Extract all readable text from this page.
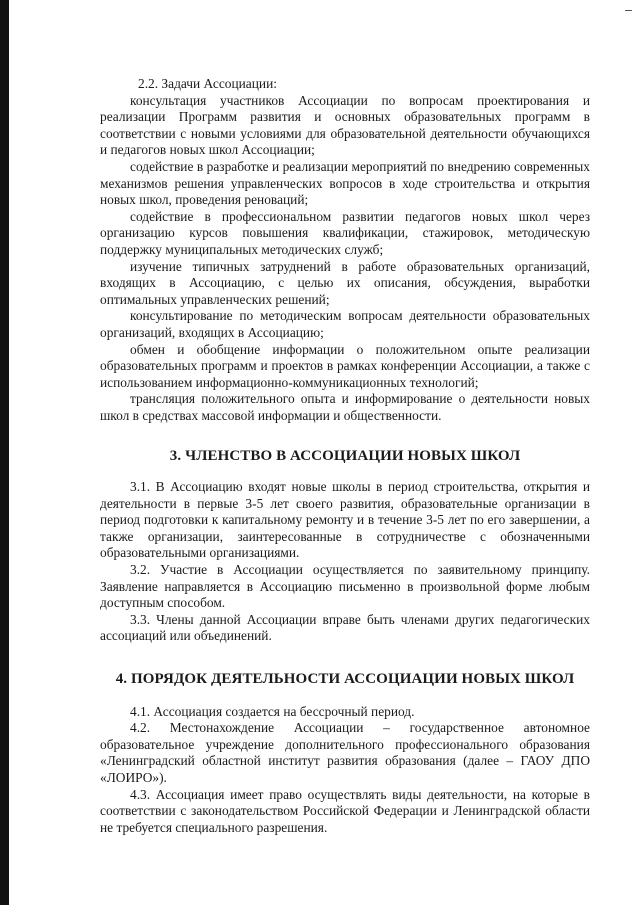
2.2. Задачи Ассоциации:

консультация участников Ассоциации по вопросам проектирования и реализации Программ развития и основных образовательных программ в соответствии с новыми условиями для образовательной деятельности обучающихся и педагогов новых школ Ассоциации;

содействие в разработке и реализации мероприятий по внедрению современных механизмов решения управленческих вопросов в ходе строительства и открытия новых школ, проведения реноваций;

содействие в профессиональном развитии педагогов новых школ через организацию курсов повышения квалификации, стажировок, методическую поддержку муниципальных методических служб;

изучение типичных затруднений в работе образовательных организаций, входящих в Ассоциацию, с целью их описания, обсуждения, выработки оптимальных управленческих решений;

консультирование по методическим вопросам деятельности образовательных организаций, входящих в Ассоциацию;

обмен и обобщение информации о положительном опыте реализации образовательных программ и проектов в рамках конференции Ассоциации, а также с использованием информационно-коммуникационных технологий;

трансляция положительного опыта и информирование о деятельности новых школ в средствах массовой информации и общественности.

3. ЧЛЕНСТВО В АССОЦИАЦИИ НОВЫХ ШКОЛ

3.1. В Ассоциацию входят новые школы в период строительства, открытия и деятельности в первые 3-5 лет своего развития, образовательные организации в период подготовки к капитальному ремонту и в течение 3-5 лет по его завершении, а также организации, заинтересованные в сотрудничестве с обозначенными образовательными организациями.

3.2. Участие в Ассоциации осуществляется по заявительному принципу. Заявление направляется в Ассоциацию письменно в произвольной форме любым доступным способом.

3.3. Члены данной Ассоциации вправе быть членами других педагогических ассоциаций или объединений.

4. ПОРЯДОК ДЕЯТЕЛЬНОСТИ АССОЦИАЦИИ НОВЫХ ШКОЛ

4.1. Ассоциация создается на бессрочный период.

4.2. Местонахождение Ассоциации – государственное автономное образовательное учреждение дополнительного профессионального образования «Ленинградский областной институт развития образования (далее – ГАОУ ДПО «ЛОИРО»).

4.3. Ассоциация имеет право осуществлять виды деятельности, на которые в соответствии с законодательством Российской Федерации и Ленинградской области не требуется специального разрешения.
